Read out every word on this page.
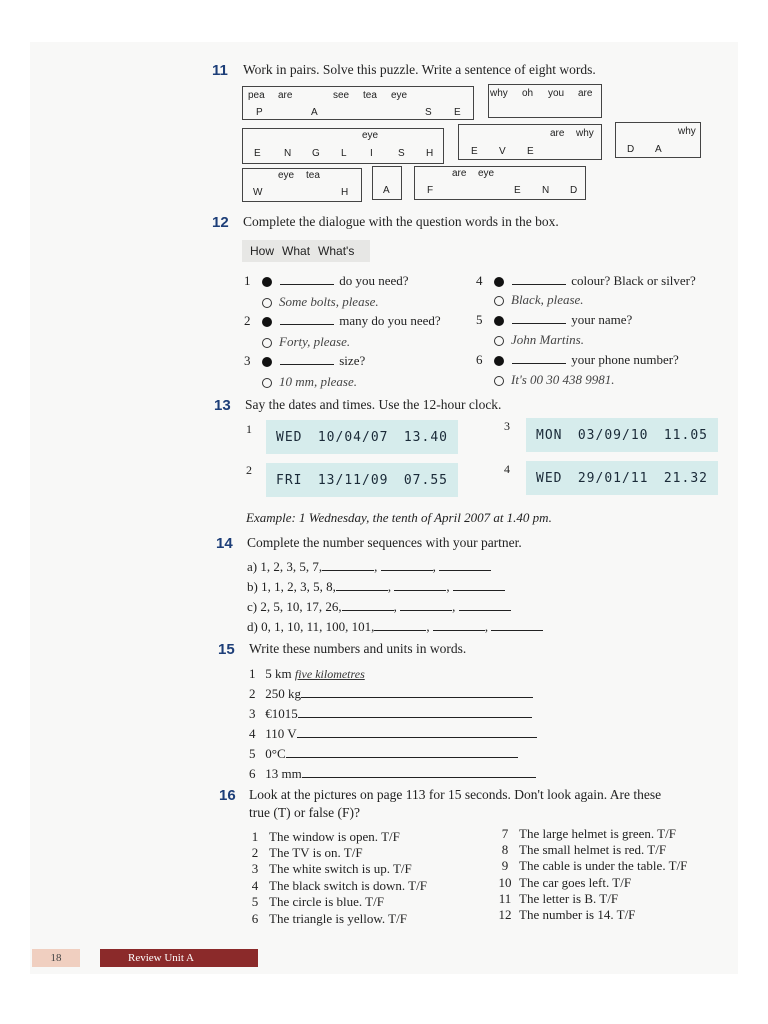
11 Work in pairs. Solve this puzzle. Write a sentence of eight words.
pea are	see tea eye
P	A	S E
why oh you are
eye
E N G L I	S H
are why
E V E
why
D A
eye tea
W	H	A
are eye
F	E N D
12 Complete the dialogue with the question words in the box.
How What What's
1	do you need?
Some bolts, please.
2	many do you need?
Forty, please.
3	size?
10 mm, please.
4	colour? Black or silver?
Black, please.
5	your name?
John Martins.
6	your phone number?
It's 00 30 438 9981.
13 Say the dates and times. Use the 12-hour clock.
1
WED 10/04/07 13.40
2
FRI 13/11/09 07.55
3
MON 03/09/10 11.05
4
WED 29/01/11 21.32
Example: 1 Wednesday, the tenth of April 2007 at 1.40 pm.
14 Complete the number sequences with your partner.
a) 1, 2, 3, 5, 7,	,	,
b) 1, 1, 2, 3, 5, 8,	,	,
c) 2, 5, 10, 17, 26,	,	,
d) 0, 1, 10, 11, 100, 101,	,	,
15 Write these numbers and units in words.
1 5 km five kilometres
2 250 kg
3 €1015
4 110 V
5 0°C
6 13 mm
16 Look at the pictures on page 113 for 15 seconds. Don't look again. Are these
true (T) or false (F)?
1 The window is open. T/F
2 The TV is on. T/F
3 The white switch is up. T/F
4 The black switch is down. T/F
5 The circle is blue. T/F
6 The triangle is yellow. T/F
7 The large helmet is green. T/F
8 The small helmet is red. T/F
9 The cable is under the table. T/F
10 The car goes left. T/F
11 The letter is B. T/F
12 The number is 14. T/F
18	Review Unit A
